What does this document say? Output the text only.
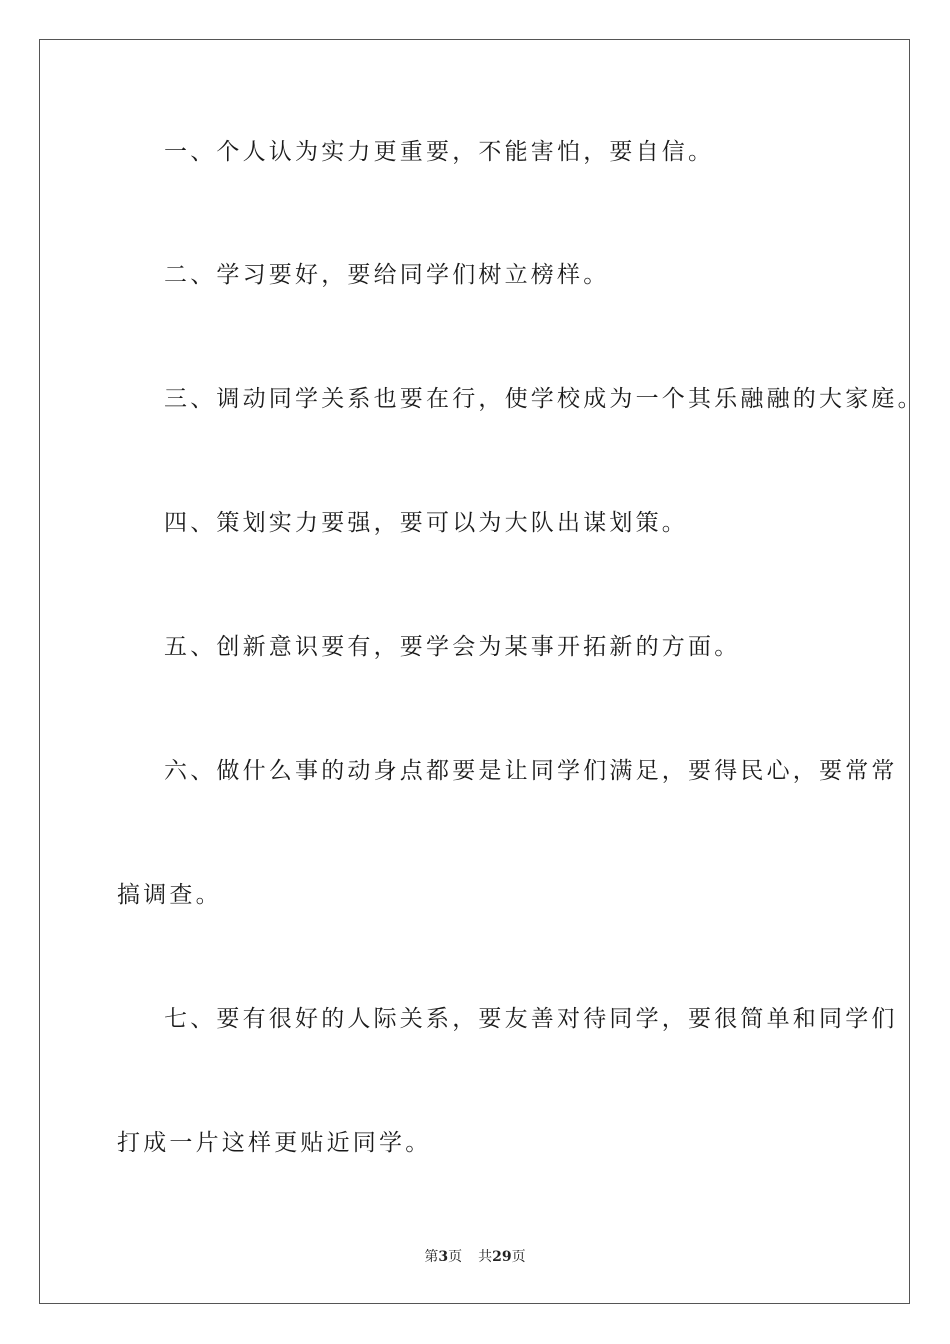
一、个人认为实力更重要，不能害怕，要自信。
二、学习要好，要给同学们树立榜样。
三、调动同学关系也要在行，使学校成为一个其乐融融的大家庭。
四、策划实力要强，要可以为大队出谋划策。
五、创新意识要有，要学会为某事开拓新的方面。
六、做什么事的动身点都要是让同学们满足，要得民心，要常常
搞调查。
七、要有很好的人际关系，要友善对待同学，要很简单和同学们
打成一片这样更贴近同学。
第3页 共29页
